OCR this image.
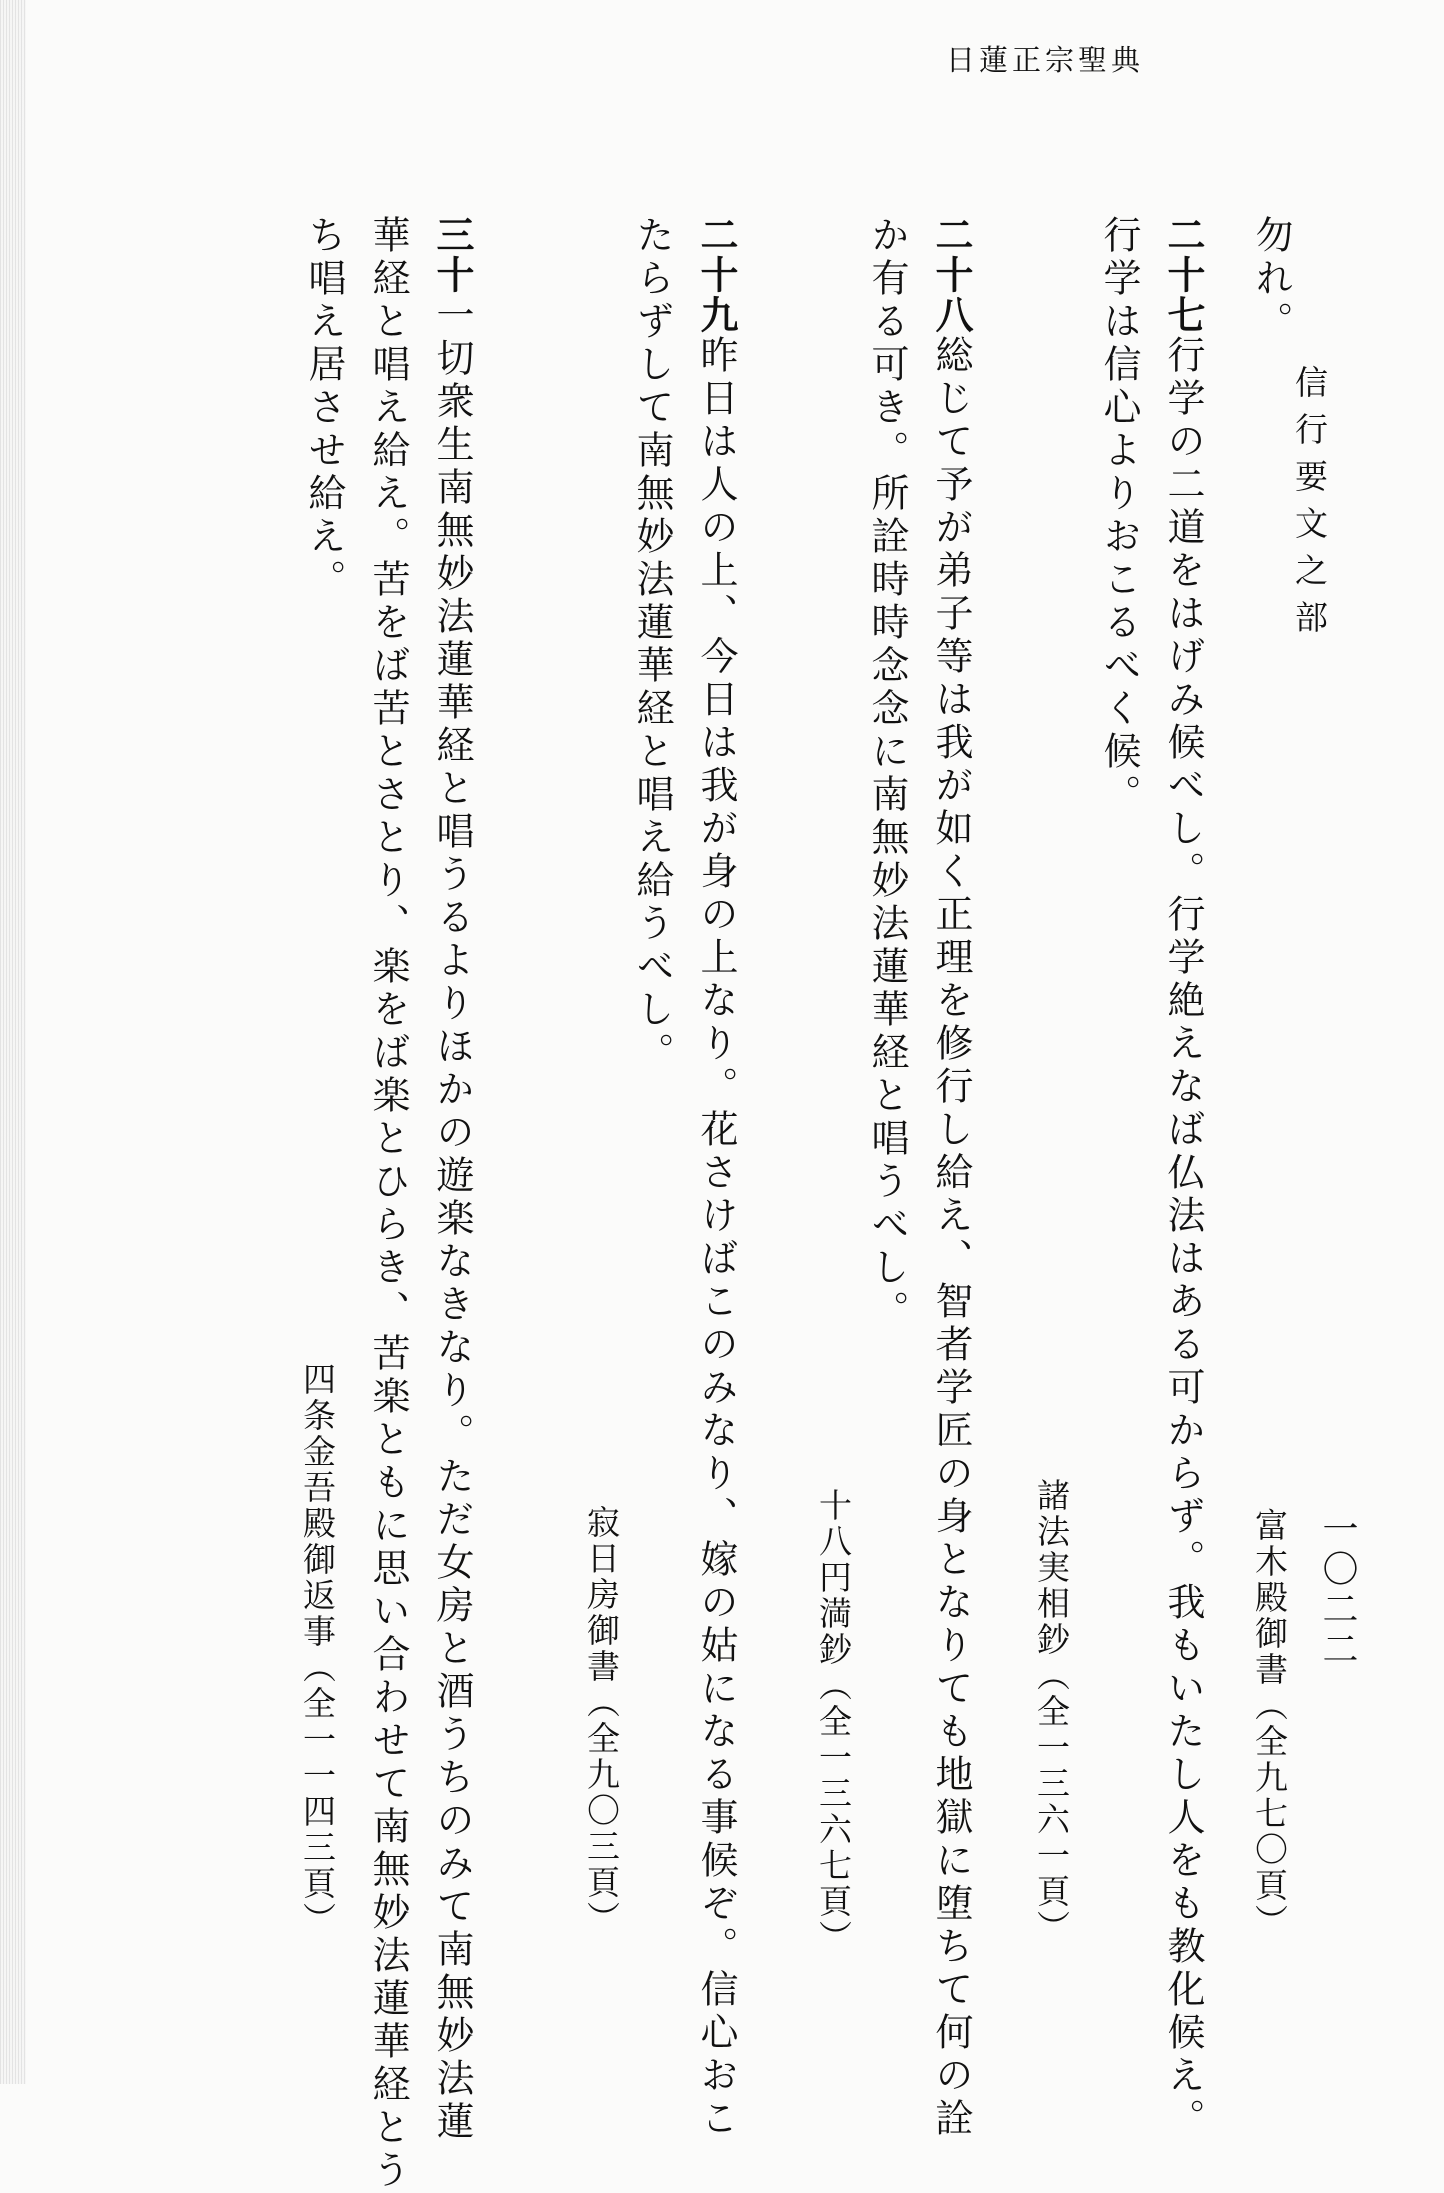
日蓮正宗聖典
一〇二二
信行要文之部
勿れ。
富木殿御書（全九七〇頁）
二十七行学の二道をはげみ候べし。行学絶えなば仏法はある可からず。我もいたし人をも教化候え。
行学は信心よりおこるべく候。
諸法実相鈔（全一三六一頁）
二十八総じて予が弟子等は我が如く正理を修行し給え、智者学匠の身となりても地獄に堕ちて何の詮
か有る可き。所詮時時念念に南無妙法蓮華経と唱うべし。
十八円満鈔（全一三六七頁）
二十九昨日は人の上、今日は我が身の上なり。花さけばこのみなり、嫁の姑になる事候ぞ。信心おこ
たらずして南無妙法蓮華経と唱え給うべし。
寂日房御書（全九〇三頁）
三十一切衆生南無妙法蓮華経と唱うるよりほかの遊楽なきなり。ただ女房と酒うちのみて南無妙法蓮
華経と唱え給え。苦をば苦とさとり、楽をば楽とひらき、苦楽ともに思い合わせて南無妙法蓮華経とう
ち唱え居させ給え。
四条金吾殿御返事（全一一四三頁）
